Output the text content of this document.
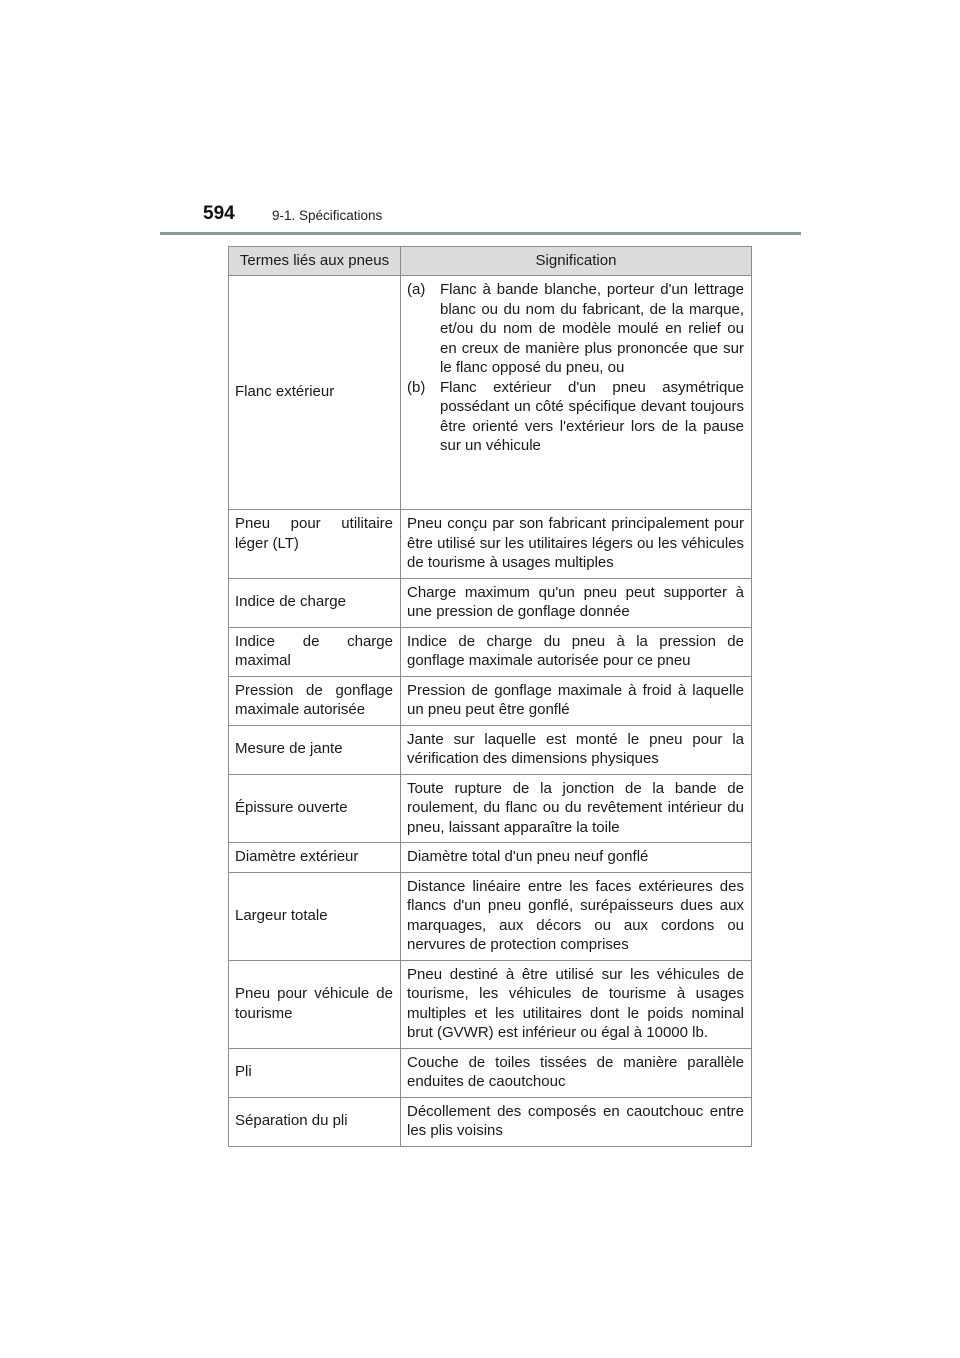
594	9-1. Spécifications
Termes liés aux pneus	Signification
Flanc extérieur	(a) Flanc à bande blanche, porteur d'un lettrage blanc ou du nom du fabricant, de la marque, et/ou du nom de modèle moulé en relief ou en creux de manière plus prononcée que sur le flanc opposé du pneu, ou
(b) Flanc extérieur d'un pneu asymétrique possédant un côté spécifique devant toujours être orienté vers l'extérieur lors de la pause sur un véhicule

Pneu pour utilitaire léger (LT)	Pneu conçu par son fabricant principalement pour être utilisé sur les utilitaires légers ou les véhicules de tourisme à usages multiples
Indice de charge	Charge maximum qu'un pneu peut supporter à une pression de gonflage donnée
Indice de charge maximal	Indice de charge du pneu à la pression de gonflage maximale autorisée pour ce pneu
Pression de gonflage maximale autorisée	Pression de gonflage maximale à froid à laquelle un pneu peut être gonflé
Mesure de jante	Jante sur laquelle est monté le pneu pour la vérification des dimensions physiques
Épissure ouverte	Toute rupture de la jonction de la bande de roulement, du flanc ou du revêtement intérieur du pneu, laissant apparaître la toile
Diamètre extérieur	Diamètre total d'un pneu neuf gonflé
Largeur totale	Distance linéaire entre les faces extérieures des flancs d'un pneu gonflé, surépaisseurs dues aux marquages, aux décors ou aux cordons ou nervures de protection comprises
Pneu pour véhicule de tourisme	Pneu destiné à être utilisé sur les véhicules de tourisme, les véhicules de tourisme à usages multiples et les utilitaires dont le poids nominal brut (GVWR) est inférieur ou égal à 10000 lb.
Pli	Couche de toiles tissées de manière parallèle enduites de caoutchouc
Séparation du pli	Décollement des composés en caoutchouc entre les plis voisins
